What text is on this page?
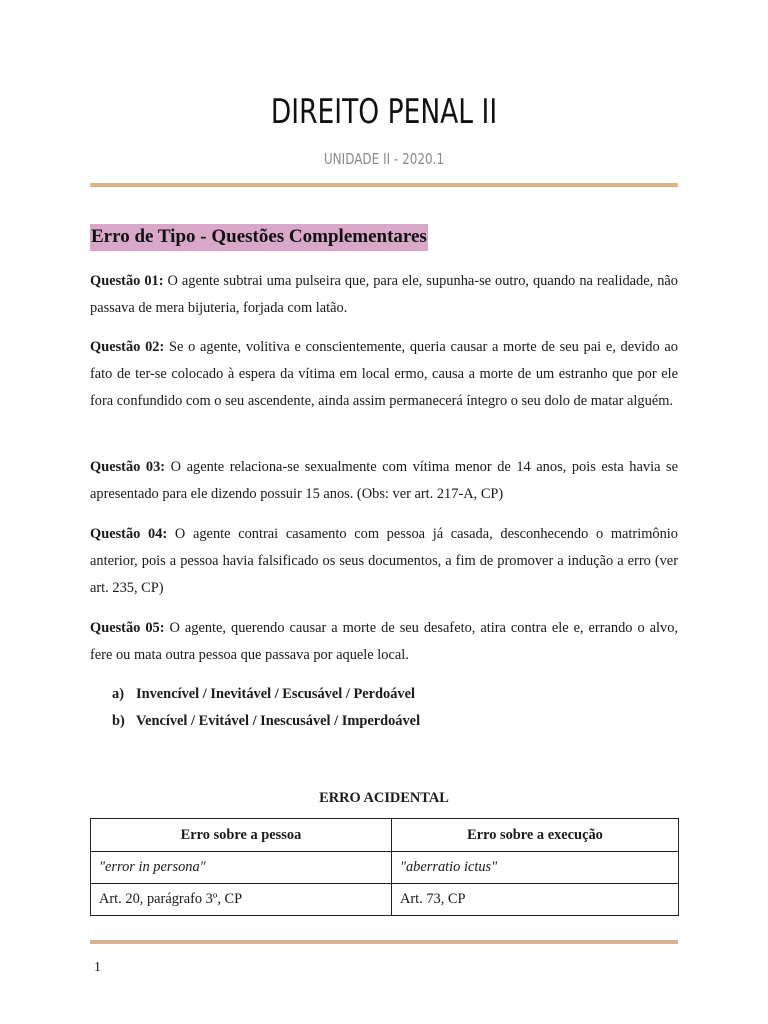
DIREITO PENAL II
UNIDADE II - 2020.1
Erro de Tipo - Questões Complementares

Questão 01: O agente subtrai uma pulseira que, para ele, supunha-se outro, quando na realidade, não passava de mera bijuteria, forjada com latão.

Questão 02: Se o agente, volitiva e conscientemente, queria causar a morte de seu pai e, devido ao fato de ter-se colocado à espera da vítima em local ermo, causa a morte de um estranho que por ele fora confundido com o seu ascendente, ainda assim permanecerá íntegro o seu dolo de matar alguém.

Questão 03: O agente relaciona-se sexualmente com vítima menor de 14 anos, pois esta havia se apresentado para ele dizendo possuir 15 anos. (Obs: ver art. 217-A, CP)

Questão 04: O agente contrai casamento com pessoa já casada, desconhecendo o matrimônio anterior, pois a pessoa havia falsificado os seus documentos, a fim de promover a indução a erro (ver art. 235, CP)

Questão 05: O agente, querendo causar a morte de seu desafeto, atira contra ele e, errando o alvo, fere ou mata outra pessoa que passava por aquele local.

a) Invencível / Inevitável / Escusável / Perdoável
b) Vencível / Evitável / Inescusável / Imperdoável
ERRO ACIDENTAL
Erro sobre a pessoa	Erro sobre a execução
"error in persona"	"aberratio ictus"
Art. 20, parágrafo 3º, CP	Art. 73, CP
1
